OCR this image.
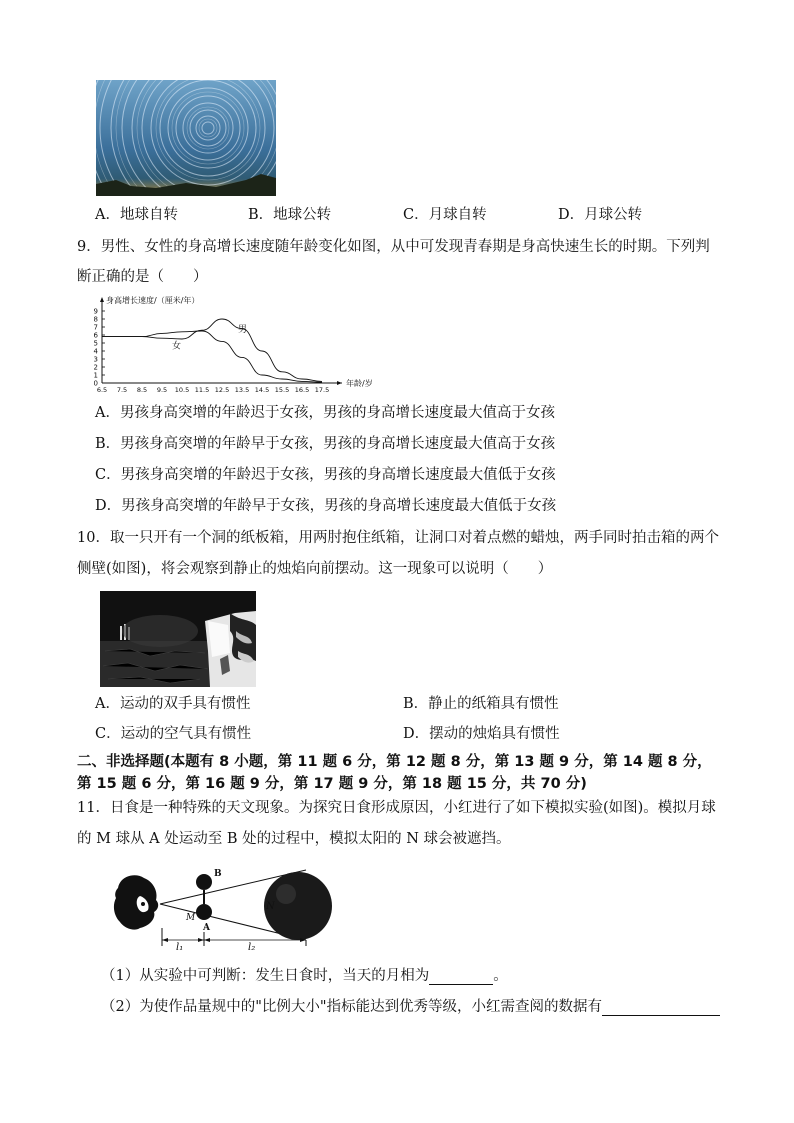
A．地球自转	B．地球公转	C．月球自转	D．月球公转
9．男性、女性的身高增长速度随年龄变化如图，从中可发现青春期是身高快速生长的时期。下列判
断正确的是（　　）
0
1
2
3
4
5
6
7
8
9
6.5 7.5 8.5 9.5 10.5 11.5 12.5 13.5 14.5 15.5 16.5 17.5
身高增长速度/（厘米/年）
年龄/岁
男
女
A．男孩身高突增的年龄迟于女孩，男孩的身高增长速度最大值高于女孩
B．男孩身高突增的年龄早于女孩，男孩的身高增长速度最大值高于女孩
C．男孩身高突增的年龄迟于女孩，男孩的身高增长速度最大值低于女孩
D．男孩身高突增的年龄早于女孩，男孩的身高增长速度最大值低于女孩
10．取一只开有一个洞的纸板箱，用两肘抱住纸箱，让洞口对着点燃的蜡烛，两手同时拍击箱的两个
侧壁(如图)，将会观察到静止的烛焰向前摆动。这一现象可以说明（　　）
A．运动的双手具有惯性	B．静止的纸箱具有惯性
C．运动的空气具有惯性	D．摆动的烛焰具有惯性
二、非选择题(本题有 8 小题，第 11 题 6 分，第 12 题 8 分，第 13 题 9 分，第 14 题 8 分，
第 15 题 6 分，第 16 题 9 分，第 17 题 9 分，第 18 题 15 分，共 70 分)
11．日食是一种特殊的天文现象。为探究日食形成原因，小红进行了如下模拟实验(如图)。模拟月球
的 M 球从 A 处运动至 B 处的过程中，模拟太阳的 N 球会被遮挡。
N
B
M
A
l₁	l₂
（1）从实验中可判断：发生日食时，当天的月相为	。
（2）为使作品量规中的"比例大小"指标能达到优秀等级，小红需查阅的数据有
